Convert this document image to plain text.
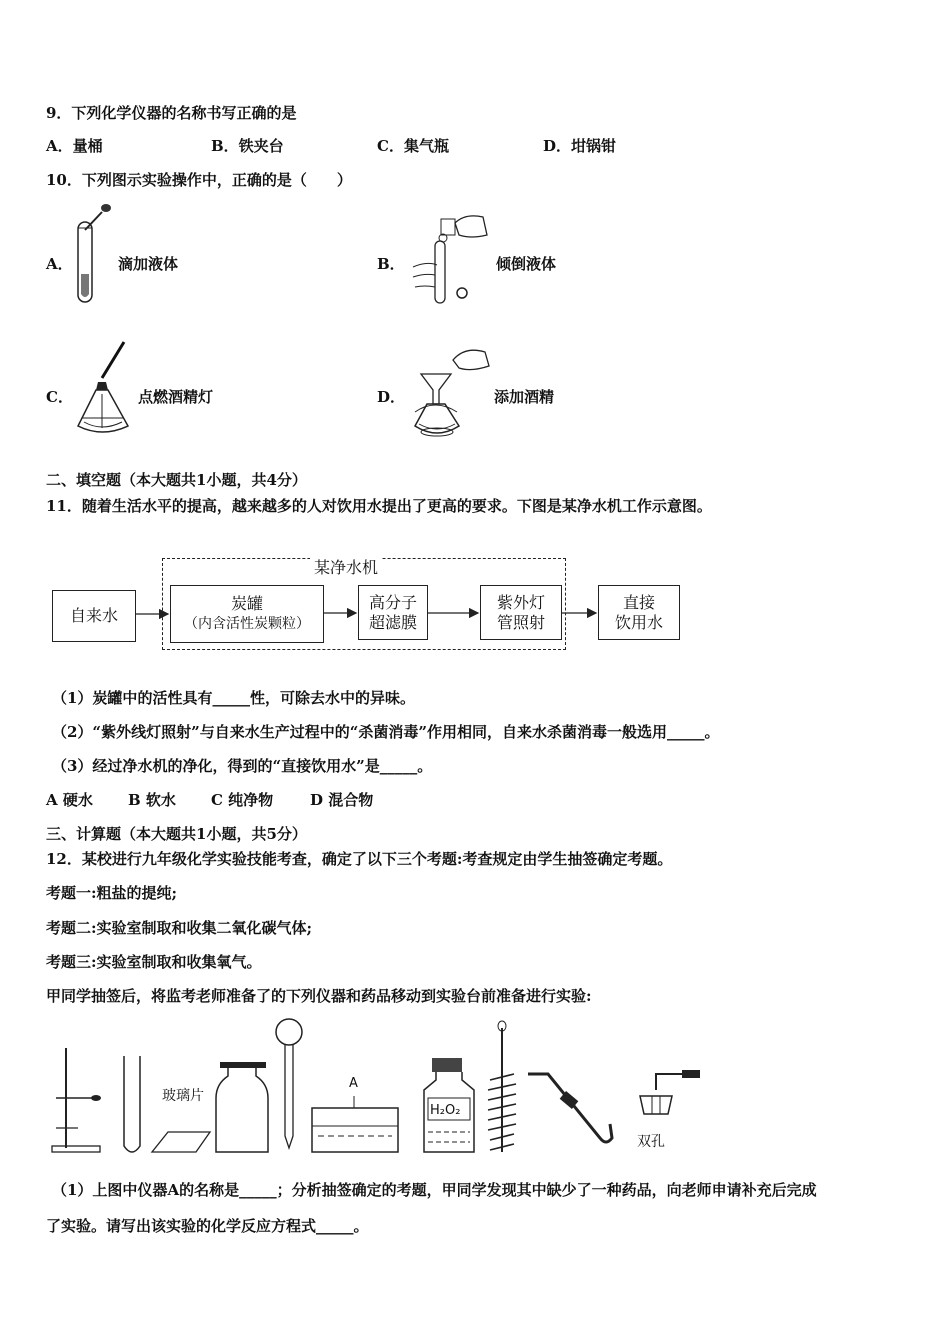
9．下列化学仪器的名称书写正确的是
A．量桶	B．铁夹台	C．集气瓶	D．坩锅钳
10．下列图示实验操作中，正确的是（　　）
A．	滴加液体	B．	倾倒液体
C．	点燃酒精灯	D．	添加酒精
二、填空题（本大题共1小题，共4分）
11．随着生活水平的提高，越来越多的人对饮用水提出了更高的要求。下图是某净水机工作示意图。
某净水机
自来水
炭罐
（内含活性炭颗粒）
高分子
超滤膜
紫外灯
管照射
直接
饮用水
（1）炭罐中的活性具有_____性，可除去水中的异味。
（2）“紫外线灯照射”与自来水生产过程中的“杀菌消毒”作用相同，自来水杀菌消毒一般选用_____。
（3）经过净水机的净化，得到的“直接饮用水”是_____。
A 硬水 B 软水 C 纯净物 D 混合物
三、计算题（本大题共1小题，共5分）
12．某校进行九年级化学实验技能考查，确定了以下三个考题:考查规定由学生抽签确定考题。
考题一:粗盐的提纯;
考题二:实验室制取和收集二氧化碳气体;
考题三:实验室制取和收集氧气。
甲同学抽签后，将监考老师准备了的下列仪器和药品移动到实验台前准备进行实验:
玻璃片
A
H₂O₂
双孔
（1）上图中仪器A的名称是_____；分析抽签确定的考题，甲同学发现其中缺少了一种药品，向老师申请补充后完成
了实验。请写出该实验的化学反应方程式_____。
